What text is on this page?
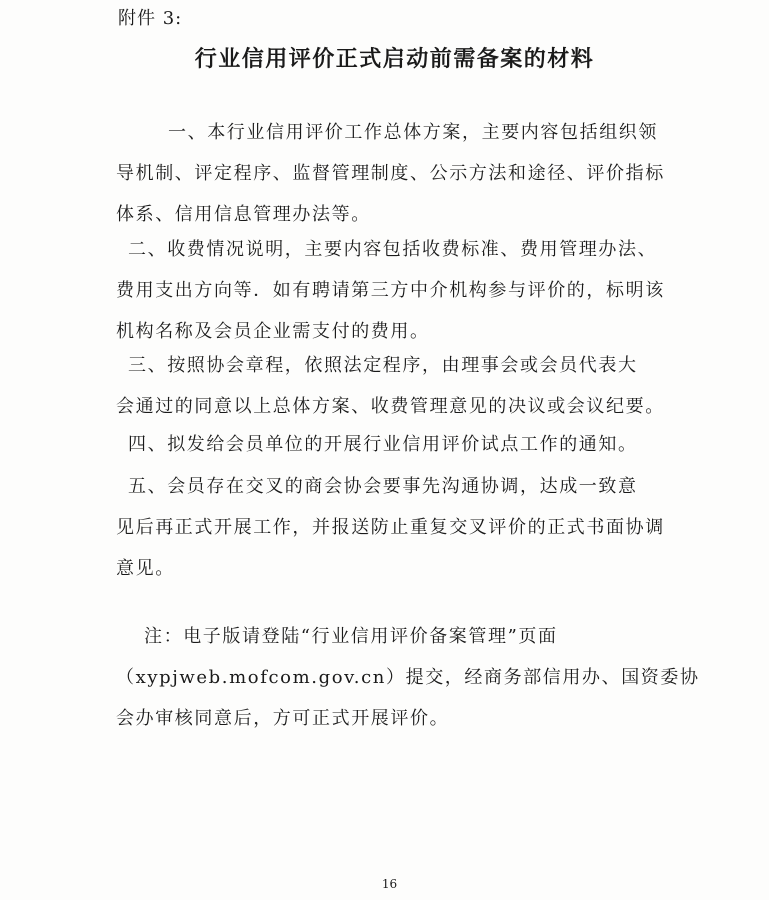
附件 3:
行业信用评价正式启动前需备案的材料
一、本行业信用评价工作总体方案，主要内容包括组织领
导机制、评定程序、监督管理制度、公示方法和途径、评价指标
体系、信用信息管理办法等。
二、收费情况说明，主要内容包括收费标准、费用管理办法、
费用支出方向等．如有聘请第三方中介机构参与评价的，标明该
机构名称及会员企业需支付的费用。
三、按照协会章程，依照法定程序，由理事会或会员代表大
会通过的同意以上总体方案、收费管理意见的决议或会议纪要。
四、拟发给会员单位的开展行业信用评价试点工作的通知。
五、会员存在交叉的商会协会要事先沟通协调，达成一致意
见后再正式开展工作，并报送防止重复交叉评价的正式书面协调
意见。
注：电子版请登陆“行业信用评价备案管理”页面
（xypjweb.mofcom.gov.cn）提交，经商务部信用办、国资委协
会办审核同意后，方可正式开展评价。
16
